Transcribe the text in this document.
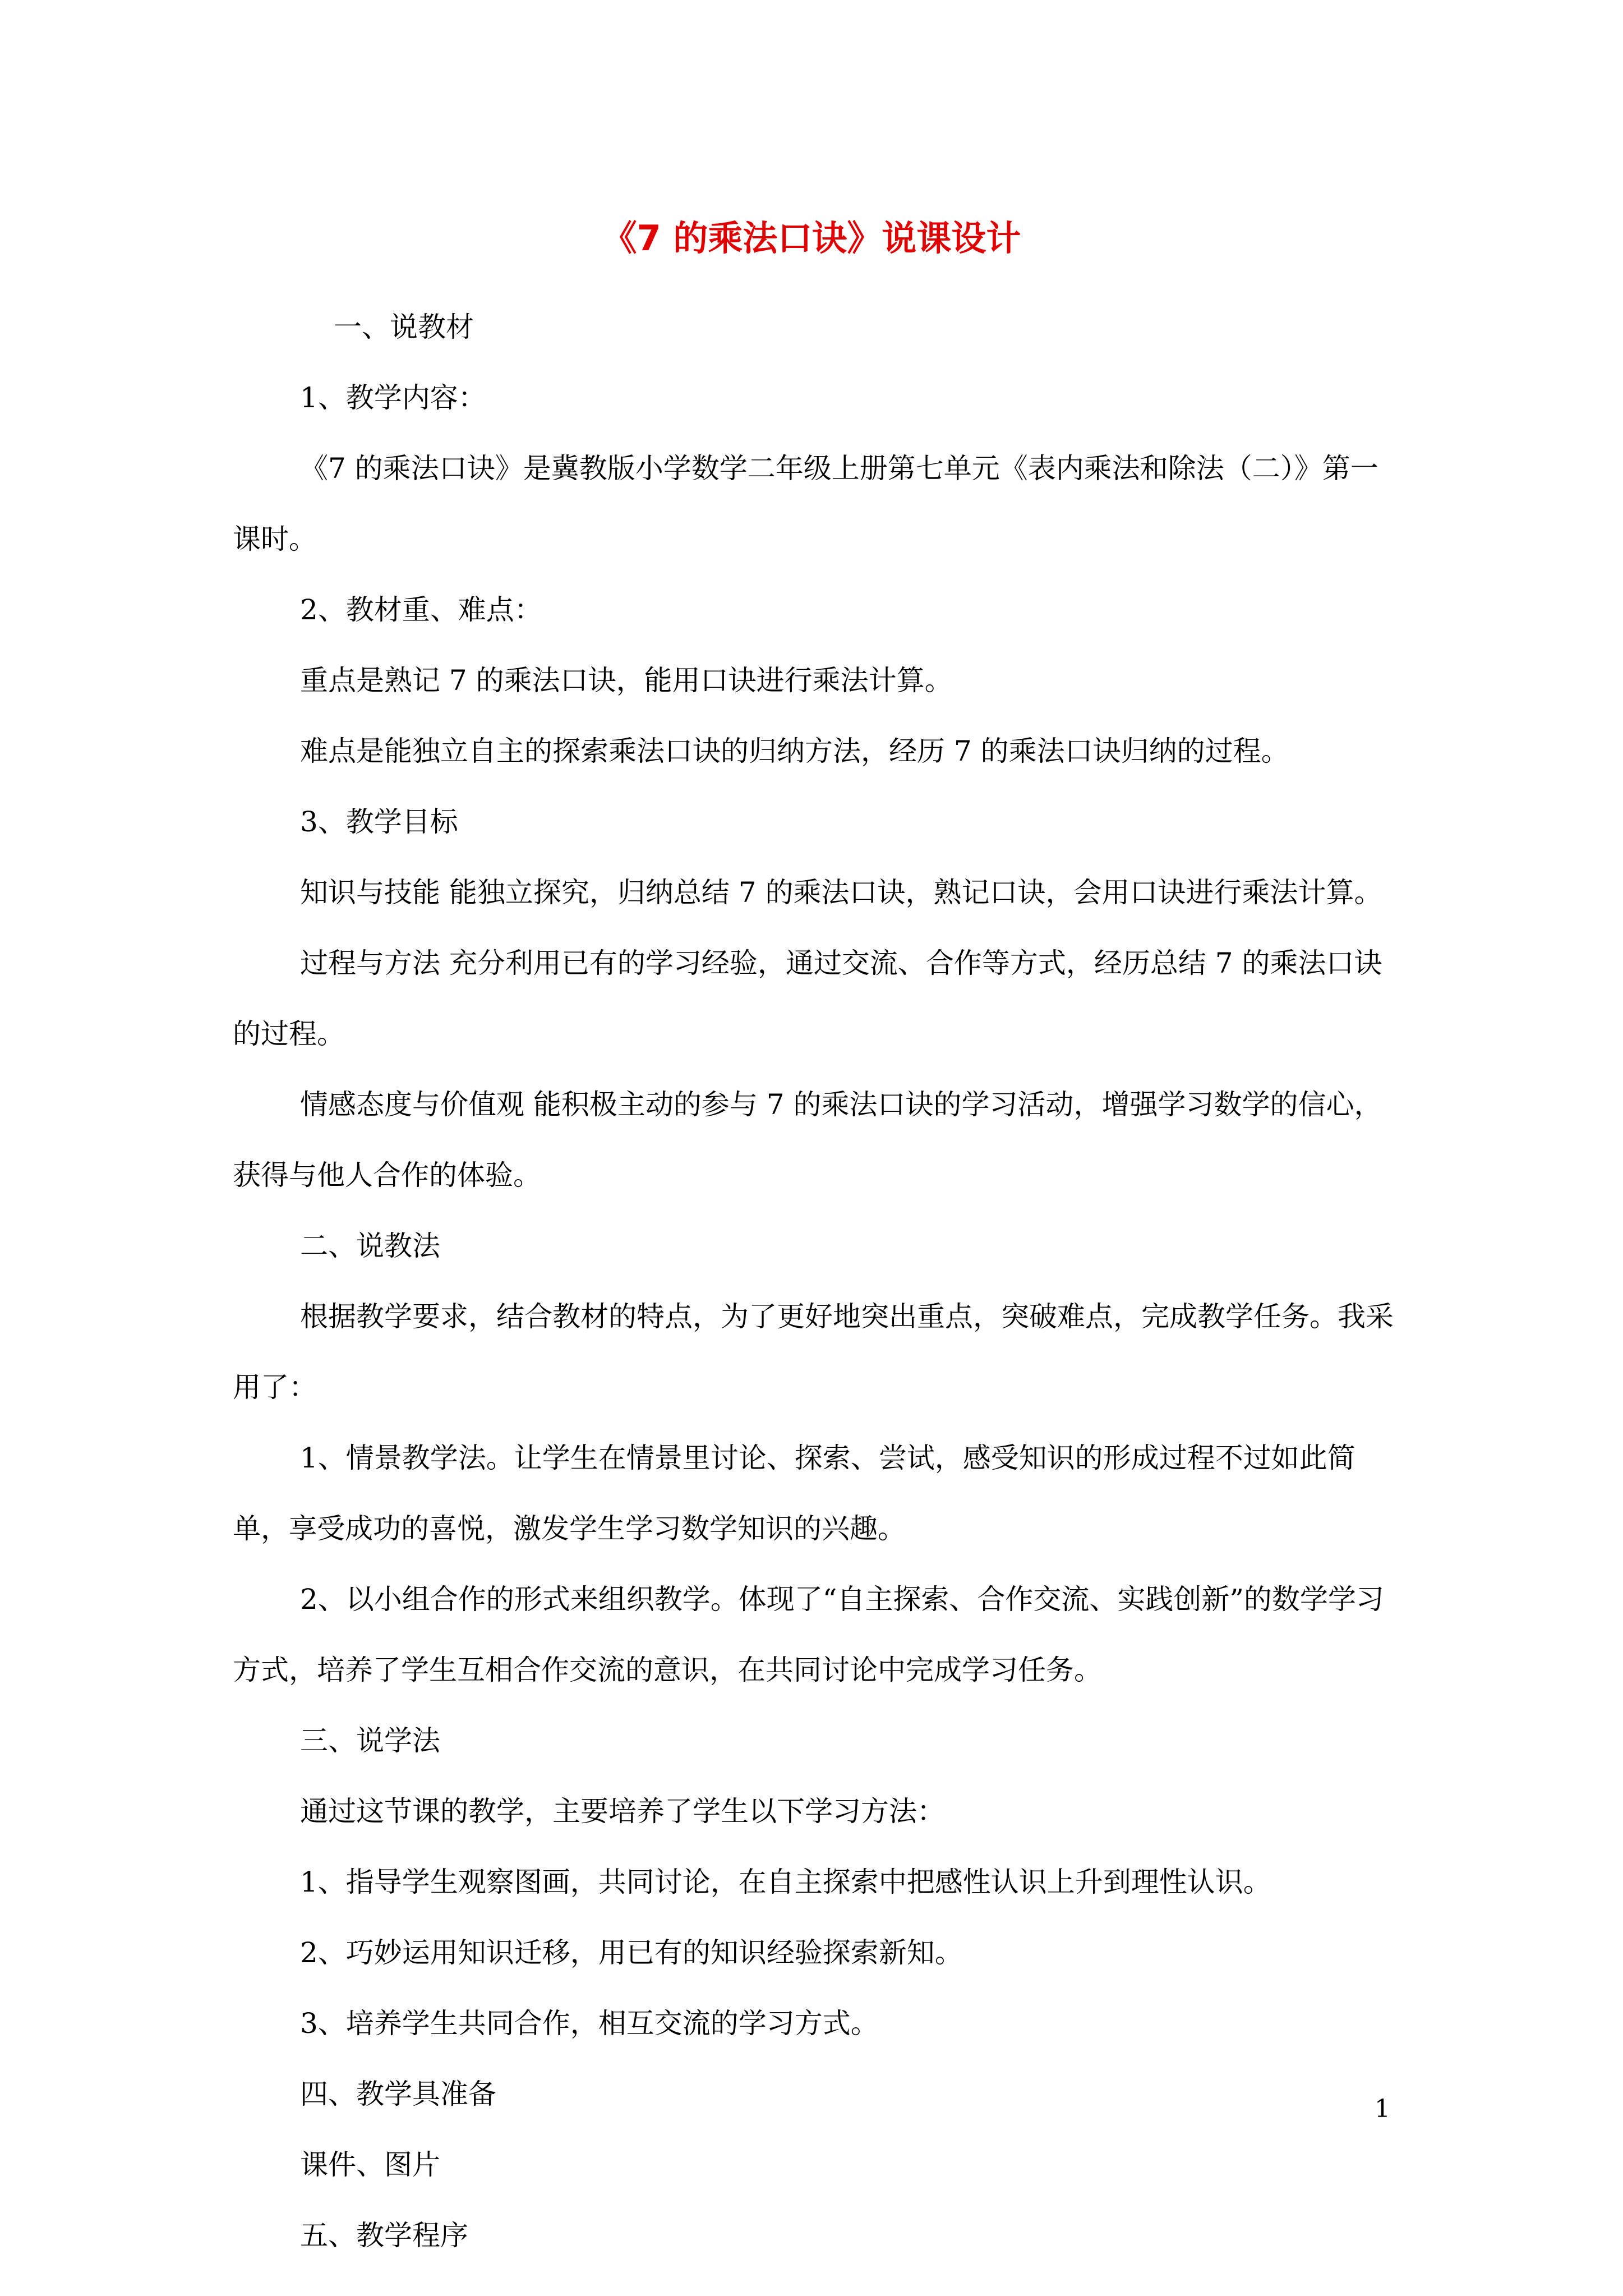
《7 的乘法口诀》说课设计

一、说教材

1、教学内容：

《7 的乘法口诀》是冀教版小学数学二年级上册第七单元《表内乘法和除法（二）》第一课时。

2、教材重、难点：

重点是熟记 7 的乘法口诀，能用口诀进行乘法计算。

难点是能独立自主的探索乘法口诀的归纳方法，经历 7 的乘法口诀归纳的过程。

3、教学目标

知识与技能 能独立探究，归纳总结 7 的乘法口诀，熟记口诀，会用口诀进行乘法计算。

过程与方法 充分利用已有的学习经验，通过交流、合作等方式，经历总结 7 的乘法口诀的过程。

情感态度与价值观 能积极主动的参与 7 的乘法口诀的学习活动，增强学习数学的信心，获得与他人合作的体验。

二、说教法

根据教学要求，结合教材的特点，为了更好地突出重点，突破难点，完成教学任务。我采用了：

1、情景教学法。让学生在情景里讨论、探索、尝试，感受知识的形成过程不过如此简单，享受成功的喜悦，激发学生学习数学知识的兴趣。

2、以小组合作的形式来组织教学。体现了“自主探索、合作交流、实践创新”的数学学习方式，培养了学生互相合作交流的意识，在共同讨论中完成学习任务。

三、说学法

通过这节课的教学，主要培养了学生以下学习方法：

1、指导学生观察图画，共同讨论，在自主探索中把感性认识上升到理性认识。

2、巧妙运用知识迁移，用已有的知识经验探索新知。

3、培养学生共同合作，相互交流的学习方式。

四、教学具准备

课件、图片

五、教学程序

1
